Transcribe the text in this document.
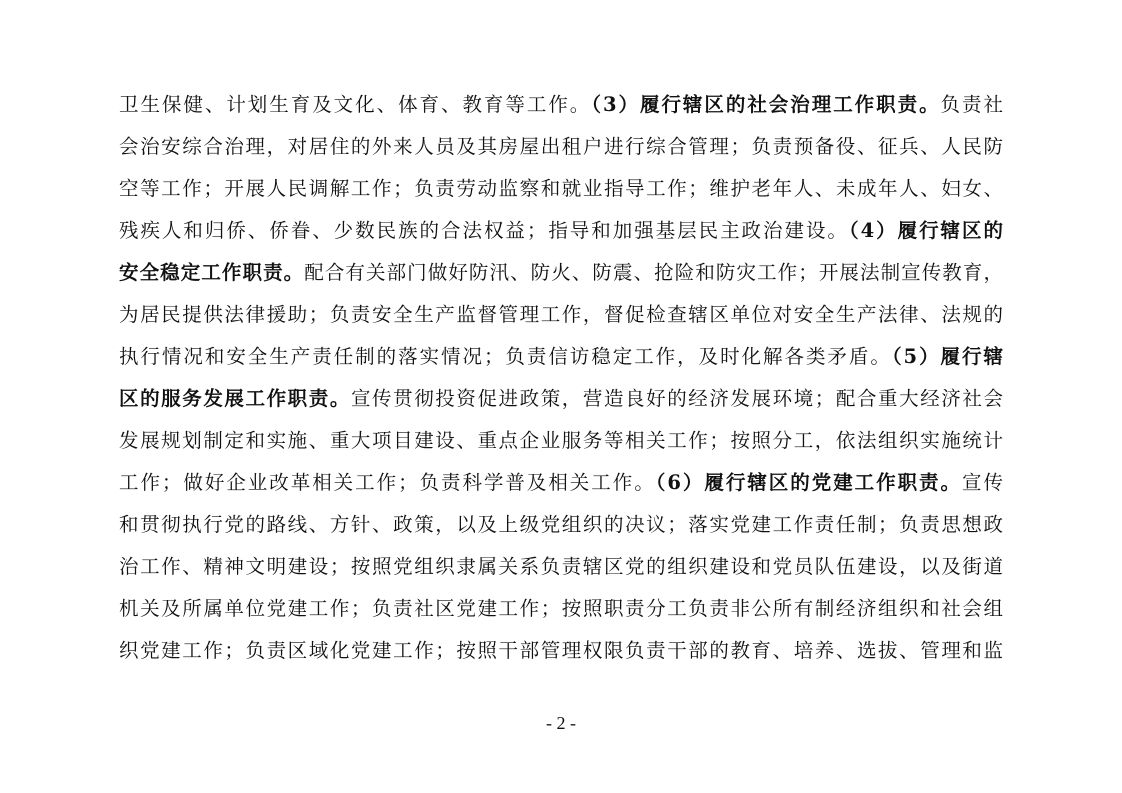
卫生保健、计划生育及文化、体育、教育等工作。（3）履行辖区的社会治理工作职责。负责社
会治安综合治理，对居住的外来人员及其房屋出租户进行综合管理；负责预备役、征兵、人民防
空等工作；开展人民调解工作；负责劳动监察和就业指导工作；维护老年人、未成年人、妇女、
残疾人和归侨、侨眷、少数民族的合法权益；指导和加强基层民主政治建设。（4）履行辖区的
安全稳定工作职责。配合有关部门做好防汛、防火、防震、抢险和防灾工作；开展法制宣传教育，
为居民提供法律援助；负责安全生产监督管理工作，督促检查辖区单位对安全生产法律、法规的
执行情况和安全生产责任制的落实情况；负责信访稳定工作，及时化解各类矛盾。（5）履行辖
区的服务发展工作职责。宣传贯彻投资促进政策，营造良好的经济发展环境；配合重大经济社会
发展规划制定和实施、重大项目建设、重点企业服务等相关工作；按照分工，依法组织实施统计
工作；做好企业改革相关工作；负责科学普及相关工作。（6）履行辖区的党建工作职责。宣传
和贯彻执行党的路线、方针、政策，以及上级党组织的决议；落实党建工作责任制；负责思想政
治工作、精神文明建设；按照党组织隶属关系负责辖区党的组织建设和党员队伍建设，以及街道
机关及所属单位党建工作；负责社区党建工作；按照职责分工负责非公所有制经济组织和社会组
织党建工作；负责区域化党建工作；按照干部管理权限负责干部的教育、培养、选拔、管理和监
- 2 -
